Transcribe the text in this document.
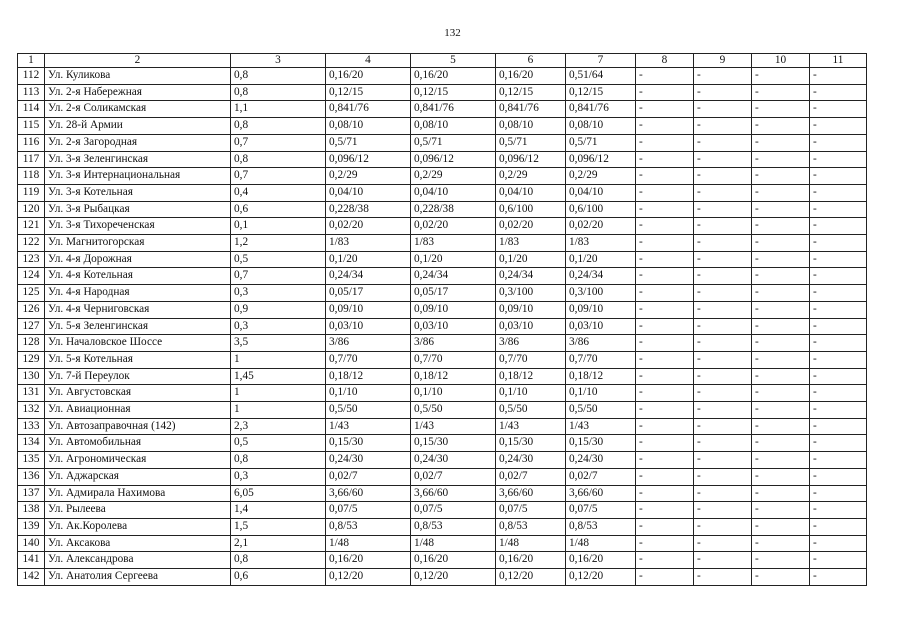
132
1	2	3	4	5	6	7	8	9	10	11
112	Ул. Куликова	0,8	0,16/20	0,16/20	0,16/20	0,51/64	-	-	-	-
113	Ул. 2-я Набережная	0,8	0,12/15	0,12/15	0,12/15	0,12/15	-	-	-	-
114	Ул. 2-я Соликамская	1,1	0,841/76	0,841/76	0,841/76	0,841/76	-	-	-	-
115	Ул. 28-й Армии	0,8	0,08/10	0,08/10	0,08/10	0,08/10	-	-	-	-
116	Ул. 2-я Загородная	0,7	0,5/71	0,5/71	0,5/71	0,5/71	-	-	-	-
117	Ул. 3-я Зеленгинская	0,8	0,096/12	0,096/12	0,096/12	0,096/12	-	-	-	-
118	Ул. 3-я Интернациональная	0,7	0,2/29	0,2/29	0,2/29	0,2/29	-	-	-	-
119	Ул. 3-я Котельная	0,4	0,04/10	0,04/10	0,04/10	0,04/10	-	-	-	-
120	Ул. 3-я Рыбацкая	0,6	0,228/38	0,228/38	0,6/100	0,6/100	-	-	-	-
121	Ул. 3-я Тихореченская	0,1	0,02/20	0,02/20	0,02/20	0,02/20	-	-	-	-
122	Ул. Магнитогорская	1,2	1/83	1/83	1/83	1/83	-	-	-	-
123	Ул. 4-я Дорожная	0,5	0,1/20	0,1/20	0,1/20	0,1/20	-	-	-	-
124	Ул. 4-я Котельная	0,7	0,24/34	0,24/34	0,24/34	0,24/34	-	-	-	-
125	Ул. 4-я Народная	0,3	0,05/17	0,05/17	0,3/100	0,3/100	-	-	-	-
126	Ул. 4-я Черниговская	0,9	0,09/10	0,09/10	0,09/10	0,09/10	-	-	-	-
127	Ул. 5-я Зеленгинская	0,3	0,03/10	0,03/10	0,03/10	0,03/10	-	-	-	-
128	Ул. Началовское Шоссе	3,5	3/86	3/86	3/86	3/86	-	-	-	-
129	Ул. 5-я Котельная	1	0,7/70	0,7/70	0,7/70	0,7/70	-	-	-	-
130	Ул. 7-й Переулок	1,45	0,18/12	0,18/12	0,18/12	0,18/12	-	-	-	-
131	Ул. Августовская	1	0,1/10	0,1/10	0,1/10	0,1/10	-	-	-	-
132	Ул. Авиационная	1	0,5/50	0,5/50	0,5/50	0,5/50	-	-	-	-
133	Ул. Автозаправочная (142)	2,3	1/43	1/43	1/43	1/43	-	-	-	-
134	Ул. Автомобильная	0,5	0,15/30	0,15/30	0,15/30	0,15/30	-	-	-	-
135	Ул. Агрономическая	0,8	0,24/30	0,24/30	0,24/30	0,24/30	-	-	-	-
136	Ул. Аджарская	0,3	0,02/7	0,02/7	0,02/7	0,02/7	-	-	-	-
137	Ул. Адмирала Нахимова	6,05	3,66/60	3,66/60	3,66/60	3,66/60	-	-	-	-
138	Ул. Рылеева	1,4	0,07/5	0,07/5	0,07/5	0,07/5	-	-	-	-
139	Ул. Ак.Королева	1,5	0,8/53	0,8/53	0,8/53	0,8/53	-	-	-	-
140	Ул. Аксакова	2,1	1/48	1/48	1/48	1/48	-	-	-	-
141	Ул. Александрова	0,8	0,16/20	0,16/20	0,16/20	0,16/20	-	-	-	-
142	Ул. Анатолия Сергеева	0,6	0,12/20	0,12/20	0,12/20	0,12/20	-	-	-	-
